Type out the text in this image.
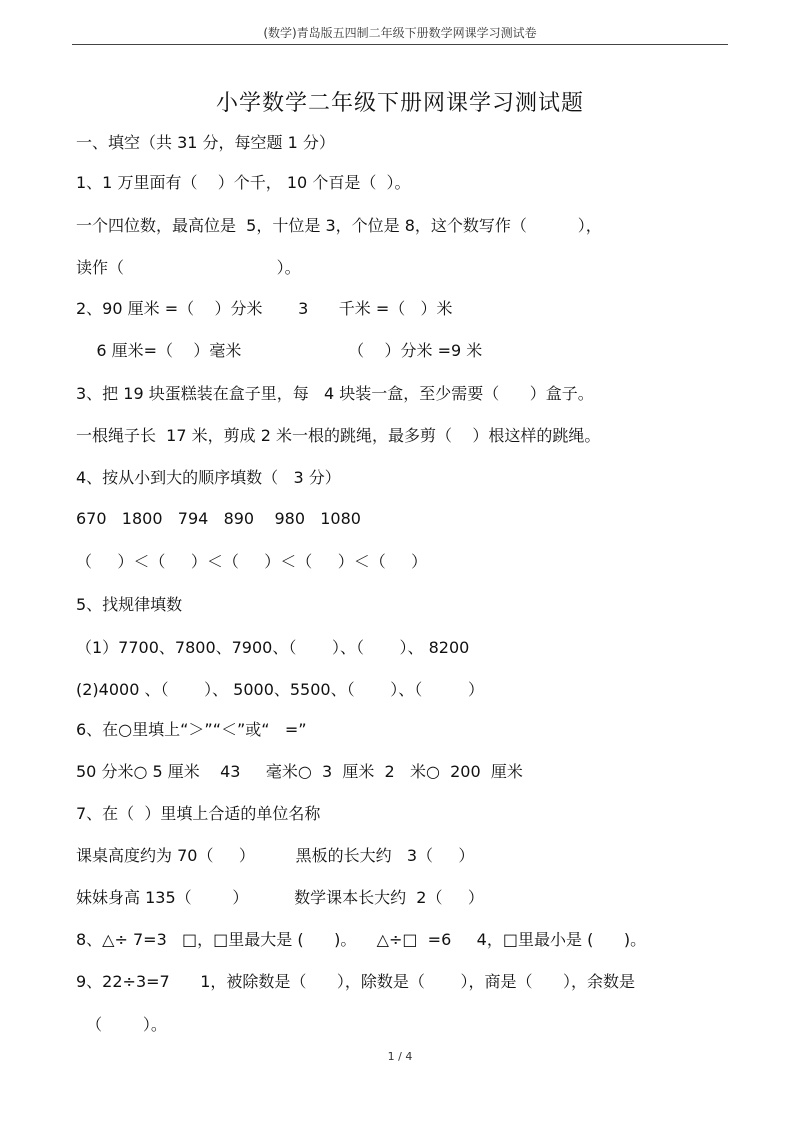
(数学)青岛版五四制二年级下册数学网课学习测试卷
小学数学二年级下册网课学习测试题
一、填空（共 31 分，每空题 1 分）
1、1 万里面有（    ）个千， 10 个百是（  ）。
一个四位数，最高位是  5，十位是 3，个位是 8，这个数写作（          ），
读作（                              ）。
2、90 厘米 =（    ）分米       3      千米 =（   ）米
6 厘米=（    ）毫米                     （    ）分米 =9 米
3、把 19 块蛋糕装在盒子里，每   4 块装一盒，至少需要（      ）盒子。
一根绳子长  17 米，剪成 2 米一根的跳绳，最多剪（    ）根这样的跳绳。
4、按从小到大的顺序填数（   3 分）
670   1800   794   890    980   1080
（     ）＜（     ）＜（     ）＜（     ）＜（     ）
5、找规律填数
（1）7700、7800、7900、（       ）、（       ）、 8200
(2)4000 、（       ）、 5000、5500、（       ）、（         ）
6、在○里填上“＞”“＜”或“   =”
50 分米○ 5 厘米    43     毫米○  3  厘米  2   米○  200  厘米
7、在（  ）里填上合适的单位名称
课桌高度约为 70（     ）        黑板的长大约   3（     ）
妹妹身高 135（        ）         数学课本长大约  2（     ）
8、△÷ 7=3   □，□里最大是 (      )。    △÷□  =6     4，□里最小是 (      )。
9、22÷3=7      1，被除数是（      ），除数是（       ），商是（      ），余数是
（        ）。
1 / 4
